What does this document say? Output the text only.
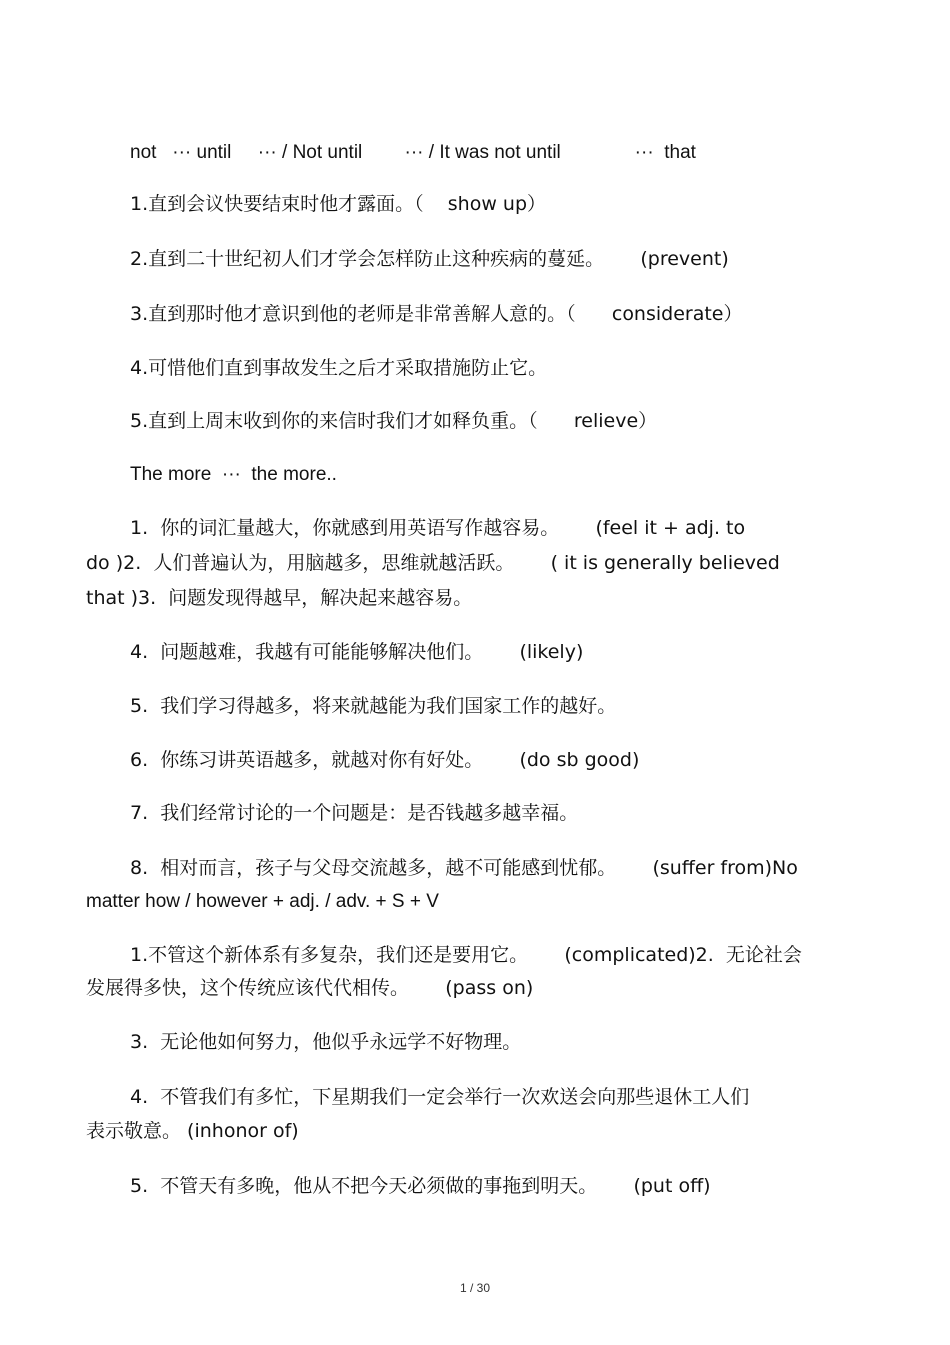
not   ··· until     ··· / Not until        ··· / It was not until              ···  that
1.直到会议快要结束时他才露面。（    show up）
2.直到二十世纪初人们才学会怎样防止这种疾病的蔓延。      (prevent)
3.直到那时他才意识到他的老师是非常善解人意的。（      considerate）
4.可惜他们直到事故发生之后才采取措施防止它。
5.直到上周末收到你的来信时我们才如释负重。（      relieve）
The more  ···  the more..
1.  你的词汇量越大，你就感到用英语写作越容易。      (feel it + adj. to
do )2.  人们普遍认为，用脑越多，思维就越活跃。      ( it is generally believed
that )3.  问题发现得越早，解决起来越容易。
4.  问题越难，我越有可能能够解决他们。      (likely)
5.  我们学习得越多，将来就越能为我们国家工作的越好。
6.  你练习讲英语越多，就越对你有好处。      (do sb good)
7.  我们经常讨论的一个问题是：是否钱越多越幸福。
8.  相对而言，孩子与父母交流越多，越不可能感到忧郁。      (suffer from)No
matter how / however + adj. / adv. + S + V
1.不管这个新体系有多复杂，我们还是要用它。      (complicated)2.  无论社会
发展得多快，这个传统应该代代相传。      (pass on)
3.  无论他如何努力，他似乎永远学不好物理。
4.  不管我们有多忙，下星期我们一定会举行一次欢送会向那些退休工人们
表示敬意。 (inhonor of)
5.  不管天有多晚，他从不把今天必须做的事拖到明天。      (put off)
1 / 30
